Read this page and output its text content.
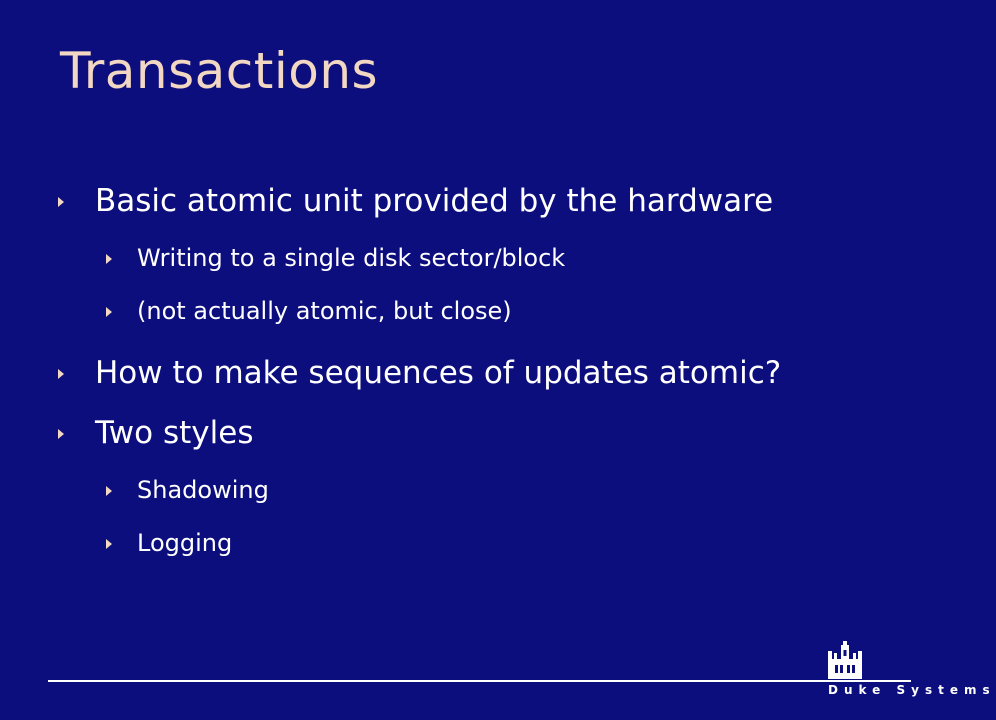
Transactions
Basic atomic unit provided by the hardware
Writing to a single disk sector/block
(not actually atomic, but close)
How to make sequences of updates atomic?
Two styles
Shadowing
Logging
Duke Systems
